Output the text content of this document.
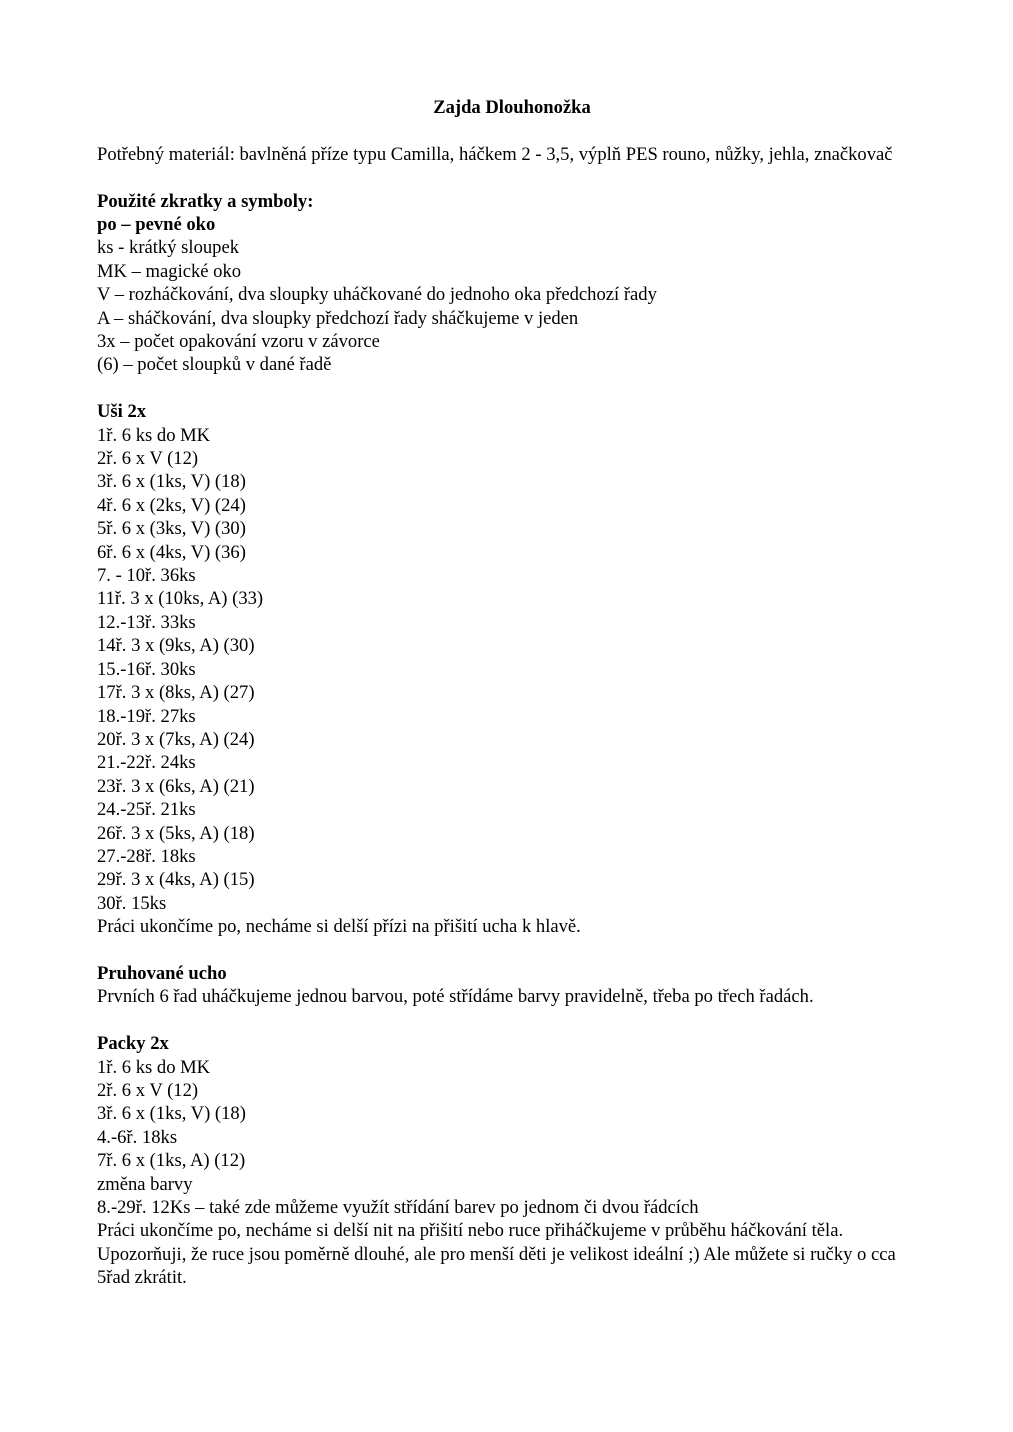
Zajda Dlouhonožka
Potřebný materiál: bavlněná příze typu Camilla, háčkem 2 - 3,5, výplň PES rouno, nůžky, jehla, značkovač
Použité zkratky a symboly:
po – pevné oko
ks - krátký sloupek
MK – magické oko
V – rozháčkování, dva sloupky uháčkované do jednoho oka předchozí řady
A – sháčkování, dva sloupky předchozí řady sháčkujeme v jeden
3x – počet opakování vzoru v závorce
(6) – počet sloupků v dané řadě
Uši 2x
1ř. 6 ks do MK
2ř. 6 x V (12)
3ř. 6 x (1ks, V) (18)
4ř. 6 x (2ks, V) (24)
5ř. 6 x (3ks, V) (30)
6ř. 6 x (4ks, V) (36)
7. - 10ř. 36ks
11ř. 3 x (10ks, A) (33)
12.-13ř. 33ks
14ř. 3 x (9ks, A) (30)
15.-16ř. 30ks
17ř. 3 x (8ks, A) (27)
18.-19ř. 27ks
20ř. 3 x (7ks, A) (24)
21.-22ř. 24ks
23ř. 3 x (6ks, A) (21)
24.-25ř. 21ks
26ř. 3 x (5ks, A) (18)
27.-28ř. 18ks
29ř. 3 x (4ks, A) (15)
30ř. 15ks
Práci ukončíme po, necháme si delší přízi na přišití ucha k hlavě.
Pruhované ucho
Prvních 6 řad uháčkujeme jednou barvou, poté střídáme barvy pravidelně, třeba po třech řadách.
Packy 2x
1ř. 6 ks do MK
2ř. 6 x V (12)
3ř. 6 x (1ks, V) (18)
4.-6ř. 18ks
7ř. 6 x (1ks, A) (12)
změna barvy
8.-29ř. 12Ks – také zde můžeme využít střídání barev po jednom či dvou řádcích
Práci ukončíme po, necháme si delší nit na přišití nebo ruce přiháčkujeme v průběhu háčkování těla.
Upozorňuji, že ruce jsou poměrně dlouhé, ale pro menší děti je velikost ideální ;) Ale můžete si ručky o cca 5řad zkrátit.
